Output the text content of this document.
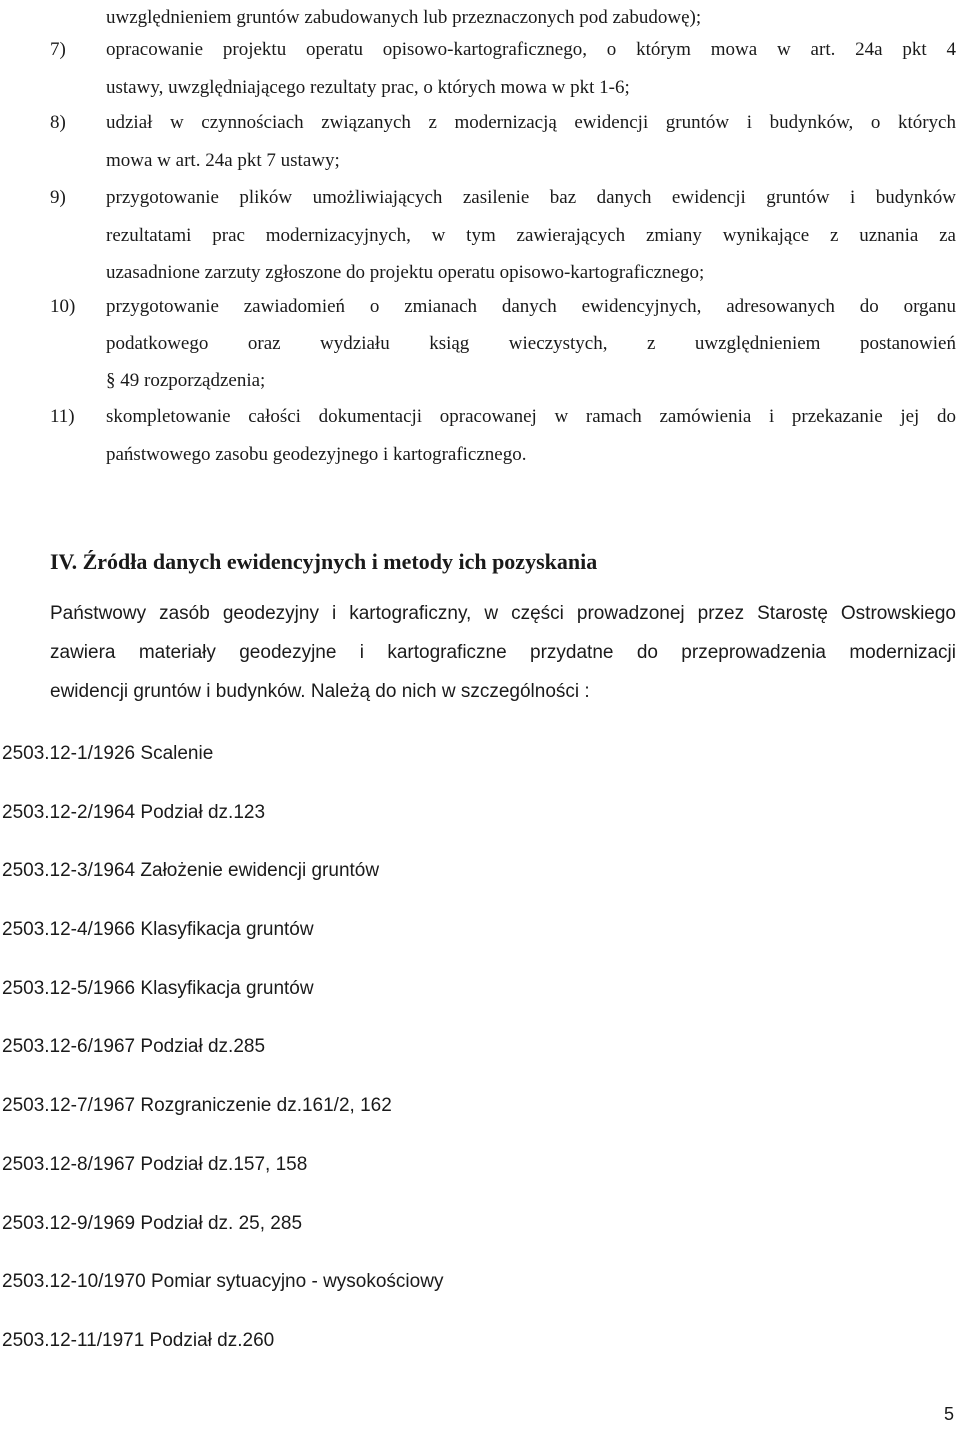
uwzględnieniem gruntów zabudowanych lub przeznaczonych pod zabudowę);
7) opracowanie projektu operatu opisowo-kartograficznego, o którym mowa w art. 24a pkt 4
ustawy, uwzględniającego rezultaty prac, o których mowa w pkt 1-6;
8) udział w czynnościach związanych z modernizacją ewidencji gruntów i budynków, o których
mowa w art. 24a pkt 7 ustawy;
9) przygotowanie plików umożliwiających zasilenie baz danych ewidencji gruntów i budynków
rezultatami prac modernizacyjnych, w tym zawierających zmiany wynikające z uznania za
uzasadnione zarzuty zgłoszone do projektu operatu opisowo-kartograficznego;
10) przygotowanie zawiadomień o zmianach danych ewidencyjnych, adresowanych do organu
podatkowego oraz wydziału ksiąg wieczystych, z uwzględnieniem postanowień
§ 49 rozporządzenia;
11) skompletowanie całości dokumentacji opracowanej w ramach zamówienia i przekazanie jej do
państwowego zasobu geodezyjnego i kartograficznego.
IV. Źródła danych ewidencyjnych i metody ich pozyskania

Państwowy zasób geodezyjny i kartograficzny, w części prowadzonej przez Starostę Ostrowskiego
zawiera materiały geodezyjne i kartograficzne przydatne do przeprowadzenia modernizacji
ewidencji gruntów i budynków. Należą do nich w szczególności :

2503.12-1/1926 Scalenie
2503.12-2/1964 Podział dz.123
2503.12-3/1964 Założenie ewidencji gruntów
2503.12-4/1966 Klasyfikacja gruntów
2503.12-5/1966 Klasyfikacja gruntów
2503.12-6/1967 Podział dz.285
2503.12-7/1967 Rozgraniczenie dz.161/2, 162
2503.12-8/1967 Podział dz.157, 158
2503.12-9/1969 Podział dz. 25, 285
2503.12-10/1970 Pomiar sytuacyjno - wysokościowy
2503.12-11/1971 Podział dz.260
5
